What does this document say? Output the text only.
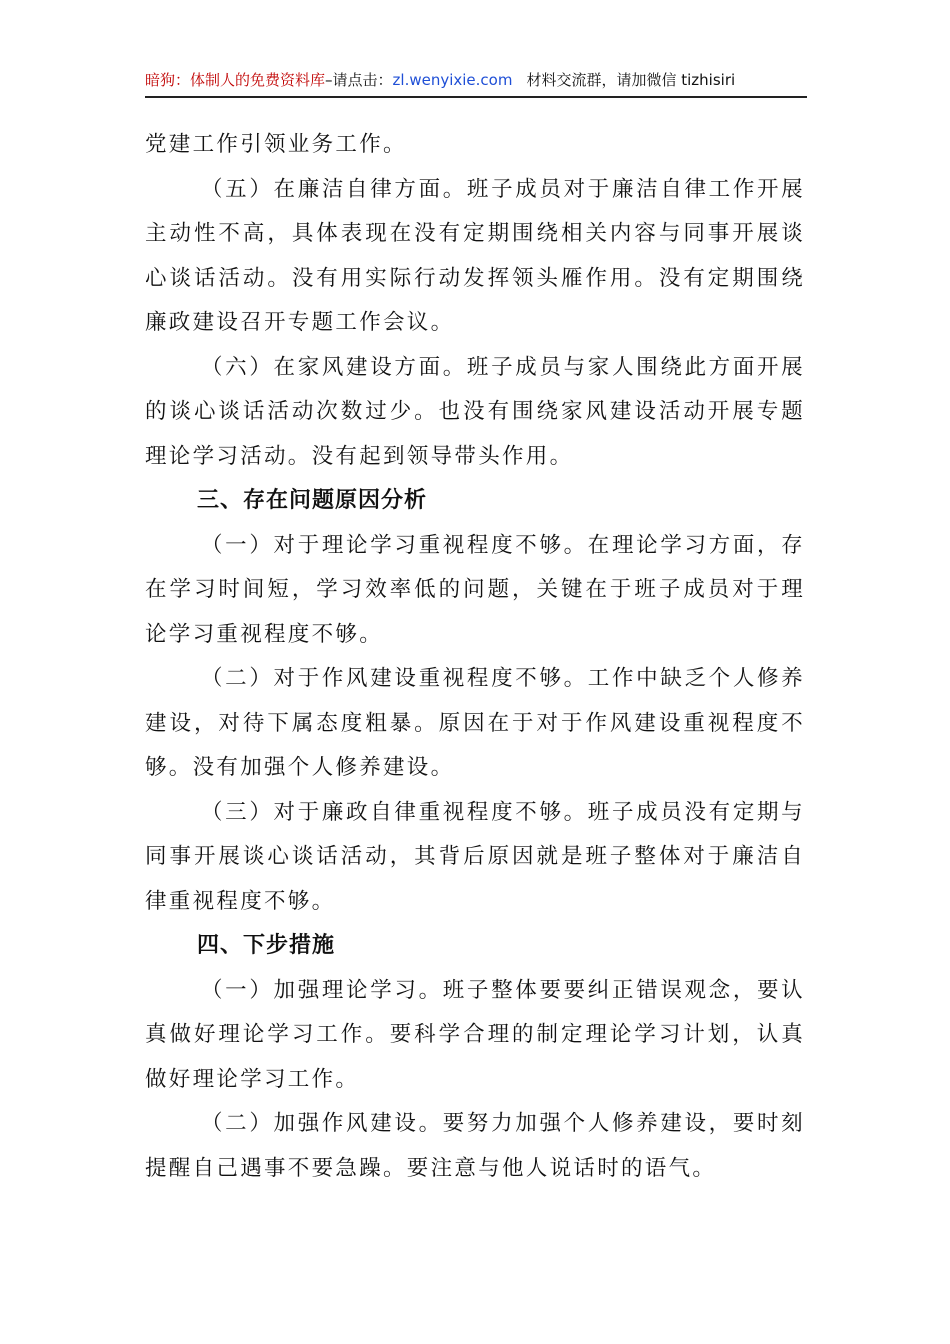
暗狗：体制人的免费资料库–请点击：zl.wenyixie.com 材料交流群，请加微信 tizhisiri

党建工作引领业务工作。

（五）在廉洁自律方面。班子成员对于廉洁自律工作开展主动性不高，具体表现在没有定期围绕相关内容与同事开展谈心谈话活动。没有用实际行动发挥领头雁作用。没有定期围绕廉政建设召开专题工作会议。

（六）在家风建设方面。班子成员与家人围绕此方面开展的谈心谈话活动次数过少。也没有围绕家风建设活动开展专题理论学习活动。没有起到领导带头作用。

三、存在问题原因分析

（一）对于理论学习重视程度不够。在理论学习方面，存在学习时间短，学习效率低的问题，关键在于班子成员对于理论学习重视程度不够。

（二）对于作风建设重视程度不够。工作中缺乏个人修养建设，对待下属态度粗暴。原因在于对于作风建设重视程度不够。没有加强个人修养建设。

（三）对于廉政自律重视程度不够。班子成员没有定期与同事开展谈心谈话活动，其背后原因就是班子整体对于廉洁自律重视程度不够。

四、下步措施

（一）加强理论学习。班子整体要要纠正错误观念，要认真做好理论学习工作。要科学合理的制定理论学习计划，认真做好理论学习工作。

（二）加强作风建设。要努力加强个人修养建设，要时刻提醒自己遇事不要急躁。要注意与他人说话时的语气。
